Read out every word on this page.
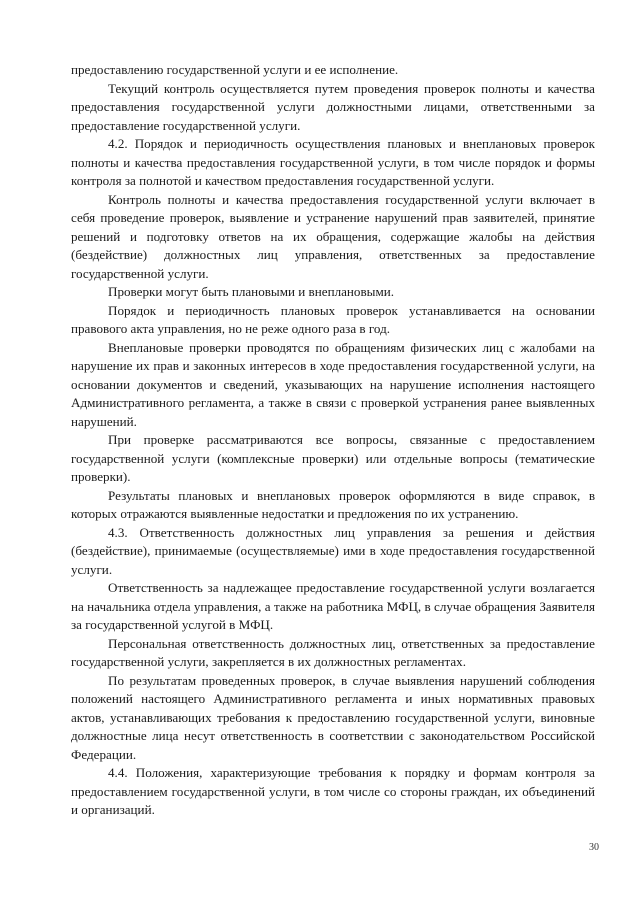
предоставлению государственной услуги и ее исполнение.

Текущий контроль осуществляется путем проведения проверок полноты и качества предоставления государственной услуги должностными лицами, ответственными за предоставление государственной услуги.

4.2. Порядок и периодичность осуществления плановых и внеплановых проверок полноты и качества предоставления государственной услуги, в том числе порядок и формы контроля за полнотой и качеством предоставления государственной услуги.

Контроль полноты и качества предоставления государственной услуги включает в себя проведение проверок, выявление и устранение нарушений прав заявителей, принятие решений и подготовку ответов на их обращения, содержащие жалобы на действия (бездействие) должностных лиц управления, ответственных за предоставление государственной услуги.

Проверки могут быть плановыми и внеплановыми.

Порядок и периодичность плановых проверок устанавливается на основании правового акта управления, но не реже одного раза в год.

Внеплановые проверки проводятся по обращениям физических лиц с жалобами на нарушение их прав и законных интересов в ходе предоставления государственной услуги, на основании документов и сведений, указывающих на нарушение исполнения настоящего Административного регламента, а также в связи с проверкой устранения ранее выявленных нарушений.

При проверке рассматриваются все вопросы, связанные с предоставлением государственной услуги (комплексные проверки) или отдельные вопросы (тематические проверки).

Результаты плановых и внеплановых проверок оформляются в виде справок, в которых отражаются выявленные недостатки и предложения по их устранению.

4.3. Ответственность должностных лиц управления за решения и действия (бездействие), принимаемые (осуществляемые) ими в ходе предоставления государственной услуги.

Ответственность за надлежащее предоставление государственной услуги возлагается на начальника отдела управления, а также на работника МФЦ, в случае обращения Заявителя за государственной услугой в МФЦ.

Персональная ответственность должностных лиц, ответственных за предоставление государственной услуги, закрепляется в их должностных регламентах.

По результатам проведенных проверок, в случае выявления нарушений соблюдения положений настоящего Административного регламента и иных нормативных правовых актов, устанавливающих требования к предоставлению государственной услуги, виновные должностные лица несут ответственность в соответствии с законодательством Российской Федерации.

4.4. Положения, характеризующие требования к порядку и формам контроля за предоставлением государственной услуги, в том числе со стороны граждан, их объединений и организаций.

30
